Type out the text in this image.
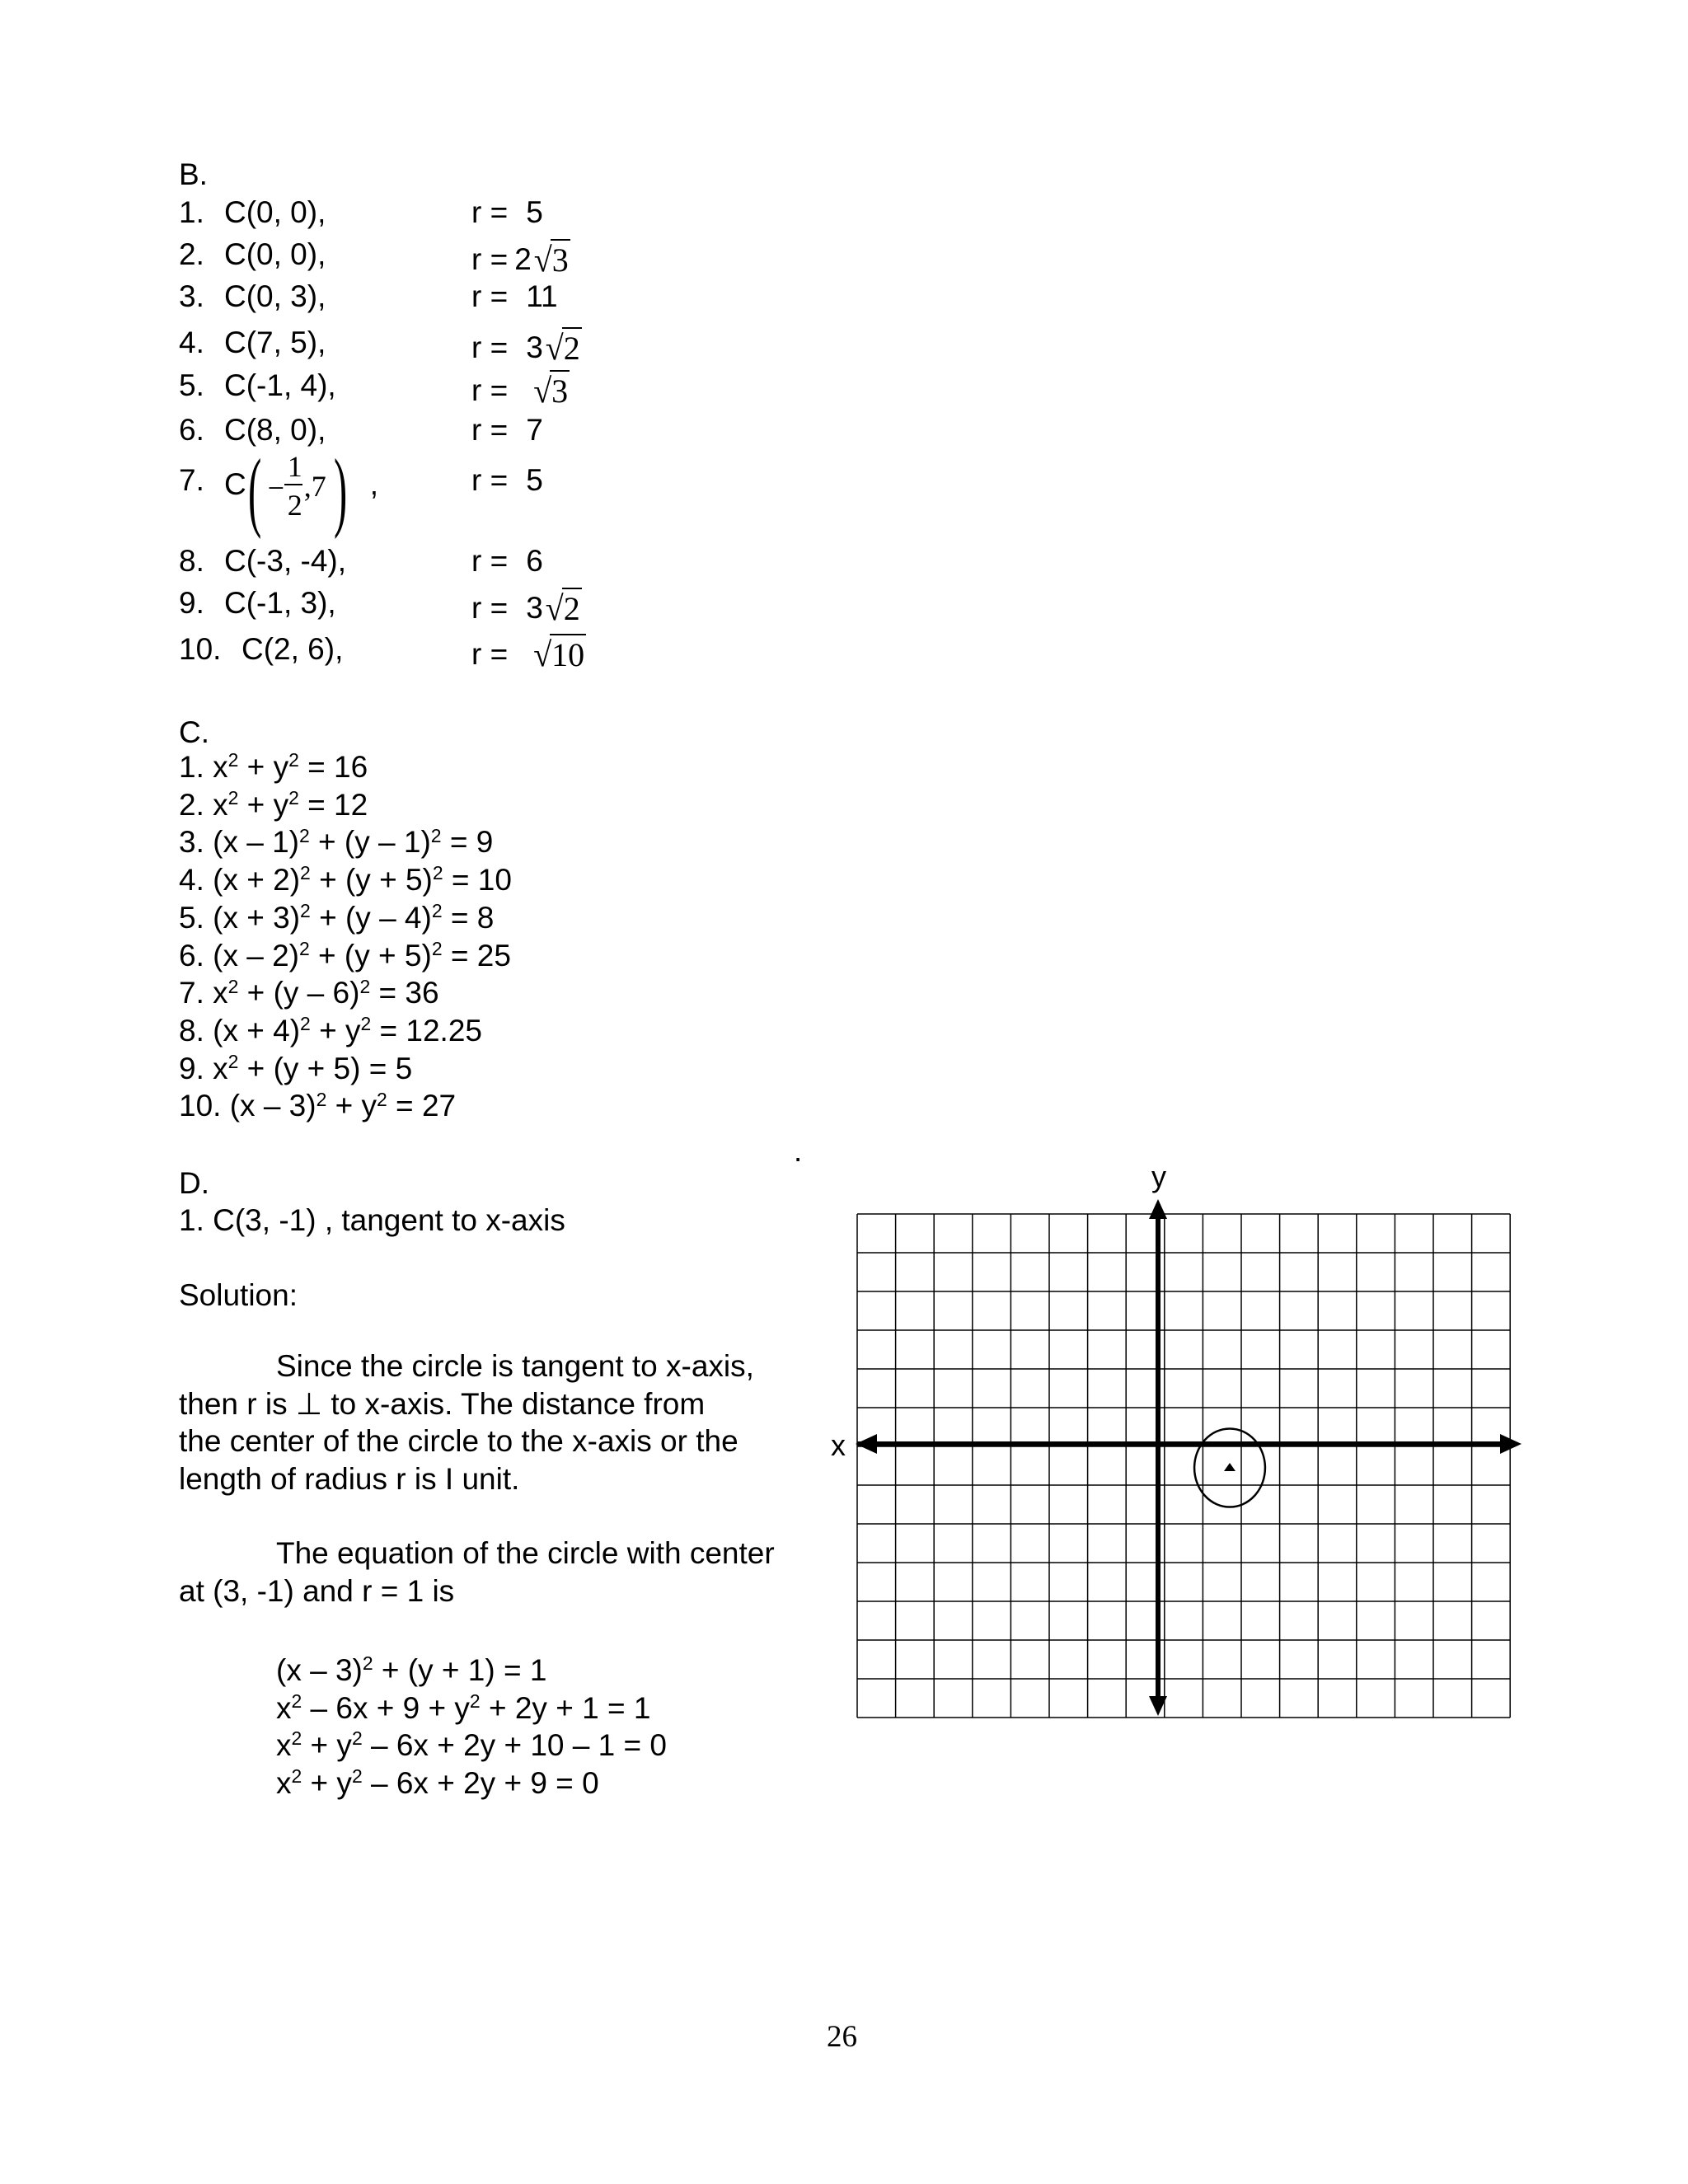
B.
1. C(0, 0),	r = 5
2. C(0, 0),	r = 2√3
3. C(0, 3),	r = 11
4. C(7, 5),	r = 3√2
5. C(-1, 4),	r = √3
6. C(8, 0),	r = 7
7. C ( −
1
2
,7 ) ,	r = 5
8. C(-3, -4),	r = 6
9. C(-1, 3),	r = 3√2
10. C(2, 6),	r = √10
C.
1. $x^2 + y^2 = 16$
2. $x^2 + y^2 = 12$
3. (x – 1)$^2$ + (y – 1)$^2$ = 9
4. $(x + 2)^2 + (y + 5)^2 = 10$
5. $(x + 3)^2 + (y - 4)^2 = 8$
6. $(x - 2)^2 + (y + 5)^2 = 25$
7. $x^2 + (y - 6)^2 = 36$
8. $(x + 4)^2 + y^2 = 12.25$
9. $x^2 + (y + 5) = 5$
10. $(x - 3)^2 + y^2 = 27$
.
D.
1. C(3, -1) , tangent to x-axis
Solution:
Since the circle is tangent to x-axis,
then r is ⊥ to x-axis. The distance from
the center of the circle to the x-axis or the
length of radius r is I unit.
The equation of the circle with center
at (3, -1) and r = 1 is
(x – 3)$^2$ + (y + 1) = 1
$x^2 - 6x + 9 + y^2 + 2y + 1 = 1$
$x^2 + y^2 - 6x + 2y + 10 - 1 = 0$
$x^2 + y^2 - 6x + 2y + 9 = 0$
x
y
26
